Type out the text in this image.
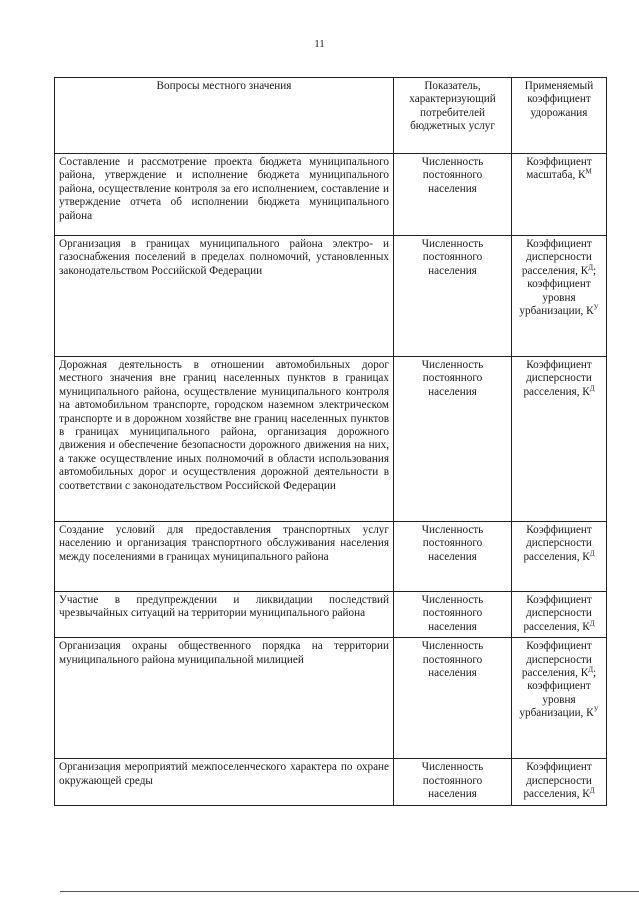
11
Вопросы местного значения	Показатель, характеризующий потребителей бюджетных услуг	Применяемый коэффициент удорожания
Составление и рассмотрение проекта бюджета муниципального района, утверждение и исполнение бюджета муниципального района, осуществление контроля за его исполнением, составление и утверждение отчета об исполнении бюджета муниципального района	Численность постоянного населения	Коэффициент масштаба, $К^М$

Организация в границах муниципального района электро- и газоснабжения поселений в пределах полномочий, установленных законодательством Российской Федерации	Численность постоянного населения	Коэффициент дисперсности расселения, $К^Д$;
коэффициент уровня урбанизации, $К^У$

Дорожная деятельность в отношении автомобильных дорог местного значения вне границ населенных пунктов в границах муниципального района, осуществление муниципального контроля на автомобильном транспорте, городском наземном электрическом транспорте и в дорожном хозяйстве вне границ населенных пунктов в границах муниципального района, организация дорожного движения и обеспечение безопасности дорожного движения на них, а также осуществление иных полномочий в области использования автомобильных дорог и осуществления дорожной деятельности в соответствии с законодательством Российской Федерации	Численность постоянного населения	Коэффициент дисперсности расселения, $К^Д$

Создание условий для предоставления транспортных услуг населению и организация транспортного обслуживания населения между поселениями в границах муниципального района	Численность постоянного населения	Коэффициент дисперсности расселения, $К^Д$

Участие в предупреждении и ликвидации последствий чрезвычайных ситуаций на территории муниципального района	Численность постоянного населения	Коэффициент дисперсности расселения, $К^Д$

Организация охраны общественного порядка на территории муниципального района муниципальной милицией	Численность постоянного населения	Коэффициент дисперсности расселения, $К^Д$;
коэффициент уровня урбанизации, $К^У$

Организация мероприятий межпоселенческого характера по охране окружающей среды	Численность постоянного населения	Коэффициент дисперсности расселения, $К^Д$
